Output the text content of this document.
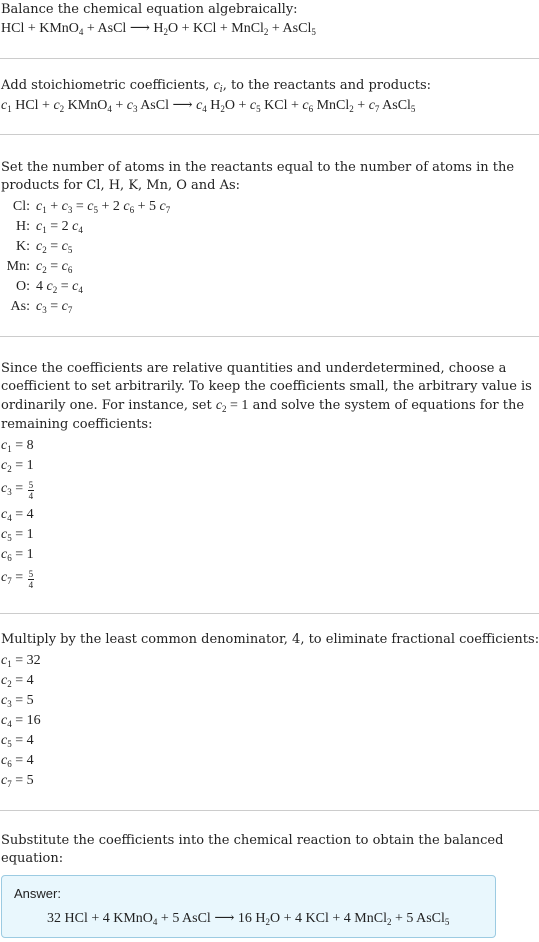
Balance the chemical equation algebraically:
HCl + KMnO$_4$ + AsCl ⟶ $H_2O$ + KCl + MnCl$_2$ + AsCl$_5$
Add stoichiometric coefficients, $c_i$, to the reactants and products:
$c_1$ HCl + $c_2$ KMnO$_4$ + $c_3$ AsCl ⟶ $c_4$ $H_2O + c_5$ KCl + $c_6$ MnCl$_2$ + $c_7$ AsCl$_5$
Set the number of atoms in the reactants equal to the number of atoms in the
products for Cl, H, K, Mn, O and As:
Cl: $c_1 + c_3 = c_5 + 2$ $c_6 + 5$ $c_7$
H: $c_1 = 2$ $c_4$
K: $c_2 = c_5$
Mn: $c_2 = c_6$
O: 4 $c_2 = c_4$
As: $c_3 = c_7$
Since the coefficients are relative quantities and underdetermined, choose a
coefficient to set arbitrarily. To keep the coefficients small, the arbitrary value is
ordinarily one. For instance, set $c_2 = 1$ and solve the system of equations for the
remaining coefficients:
$c_1 = 8$
$c_2 = 1$
$c_3 = \frac{5}{4}$
$c_4 = 4$
$c_5 = 1$
$c_6 = 1$
$c_7 = \frac{5}{4}$
Multiply by the least common denominator, 4, to eliminate fractional coefficients:
$c_1 = 32$
$c_2 = 4$
$c_3 = 5$
$c_4 = 16$
$c_5 = 4$
$c_6 = 4$
$c_7 = 5$
Substitute the coefficients into the chemical reaction to obtain the balanced
equation:
Answer:
32 HCl + 4 KMnO$_4$ + 5 AsCl ⟶ 16 $H_2O + 4$ KCl + 4 MnCl$_2$ + 5 AsCl$_5$
